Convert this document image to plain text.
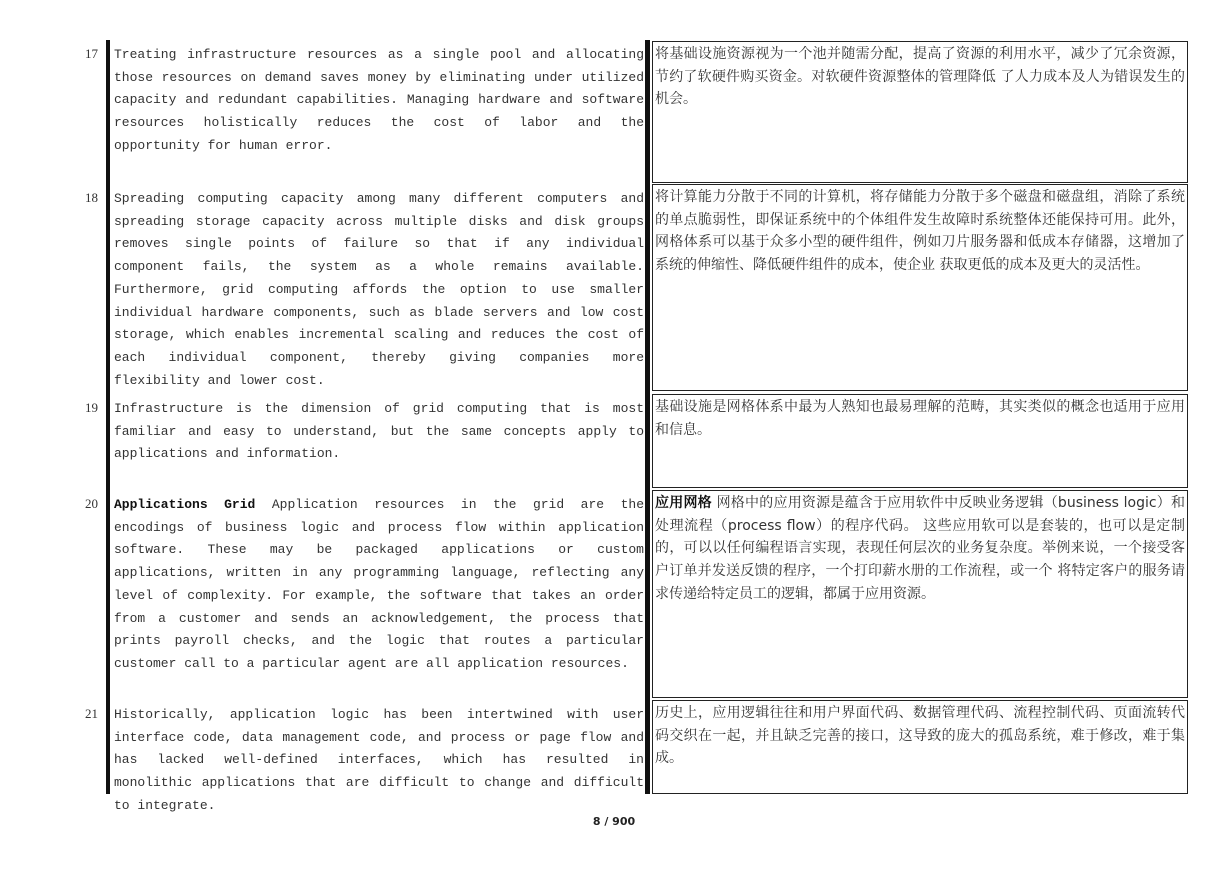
17 Treating infrastructure resources as a single pool and allocating those resources on demand saves money by eliminating under utilized capacity and redundant capabilities. Managing hardware and software resources holistically reduces the cost of labor and the opportunity for human error.
将基础设施资源视为一个池并随需分配，提高了资源的利用水平，减少了冗余资源，节约了软硬件购买资金。对软硬件资源整体的管理降低 了人力成本及人为错误发生的机会。
18 Spreading computing capacity among many different computers and spreading storage capacity across multiple disks and disk groups removes single points of failure so that if any individual component fails, the system as a whole remains available. Furthermore, grid computing affords the option to use smaller individual hardware components, such as blade servers and low cost storage, which enables incremental scaling and reduces the cost of each individual component, thereby giving companies more flexibility and lower cost.
将计算能力分散于不同的计算机，将存储能力分散于多个磁盘和磁盘组，消除了系统的单点脆弱性，即保证系统中的个体组件发生故障时系统整体还能保持可用。此外，网格体系可以基于众多小型的硬件组件，例如刀片服务器和低成本存储器，这增加了系统的伸缩性、降低硬件组件的成本，使企业 获取更低的成本及更大的灵活性。
19 Infrastructure is the dimension of grid computing that is most familiar and easy to understand, but the same concepts apply to applications and information.
基础设施是网格体系中最为人熟知也最易理解的范畴，其实类似的概念也适用于应用和信息。
20 Applications Grid Application resources in the grid are the encodings of business logic and process flow within application software. These may be packaged applications or custom applications, written in any programming language, reflecting any level of complexity. For example, the software that takes an order from a customer and sends an acknowledgement, the process that prints payroll checks, and the logic that routes a particular customer call to a particular agent are all application resources.
应用网格 网格中的应用资源是蕴含于应用软件中反映业务逻辑（business logic）和处理流程（process flow）的程序代码。 这些应用软可以是套装的，也可以是定制的，可以以任何编程语言实现，表现任何层次的业务复杂度。举例来说，一个接受客户订单并发送反馈的程序，一个打印薪水册的工作流程，或一个 将特定客户的服务请求传递给特定员工的逻辑，都属于应用资源。
21 Historically, application logic has been intertwined with user interface code, data management code, and process or page flow and has lacked well-defined interfaces, which has resulted in monolithic applications that are difficult to change and difficult to integrate.
历史上，应用逻辑往往和用户界面代码、数据管理代码、流程控制代码、页面流转代码交织在一起，并且缺乏完善的接口，这导致的庞大的孤岛系统，难于修改，难于集成。
8 / 900
